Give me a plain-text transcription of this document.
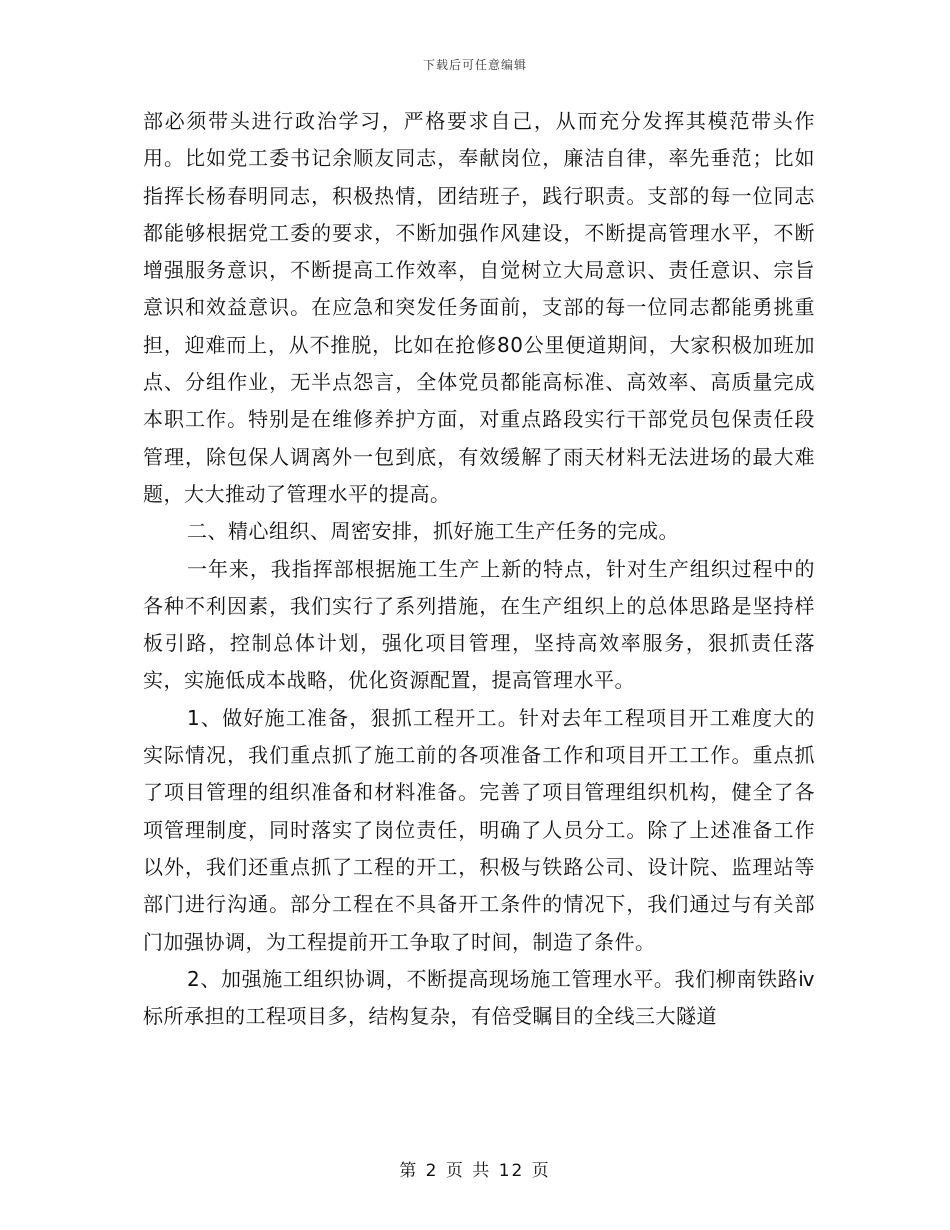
下载后可任意编辑

部必须带头进行政治学习，严格要求自己，从而充分发挥其模范带头作用。比如党工委书记余顺友同志，奉献岗位，廉洁自律，率先垂范；比如指挥长杨春明同志，积极热情，团结班子，践行职责。支部的每一位同志都能够根据党工委的要求，不断加强作风建设，不断提高管理水平，不断增强服务意识，不断提高工作效率，自觉树立大局意识、责任意识、宗旨意识和效益意识。在应急和突发任务面前，支部的每一位同志都能勇挑重担，迎难而上，从不推脱，比如在抢修80公里便道期间，大家积极加班加点、分组作业，无半点怨言，全体党员都能高标准、高效率、高质量完成本职工作。特别是在维修养护方面，对重点路段实行干部党员包保责任段管理，除包保人调离外一包到底，有效缓解了雨天材料无法进场的最大难题，大大推动了管理水平的提高。

二、精心组织、周密安排，抓好施工生产任务的完成。

一年来，我指挥部根据施工生产上新的特点，针对生产组织过程中的各种不利因素，我们实行了系列措施，在生产组织上的总体思路是坚持样板引路，控制总体计划，强化项目管理，坚持高效率服务，狠抓责任落实，实施低成本战略，优化资源配置，提高管理水平。

1、做好施工准备，狠抓工程开工。针对去年工程项目开工难度大的实际情况，我们重点抓了施工前的各项准备工作和项目开工工作。重点抓了项目管理的组织准备和材料准备。完善了项目管理组织机构，健全了各项管理制度，同时落实了岗位责任，明确了人员分工。除了上述准备工作以外，我们还重点抓了工程的开工，积极与铁路公司、设计院、监理站等部门进行沟通。部分工程在不具备开工条件的情况下，我们通过与有关部门加强协调，为工程提前开工争取了时间，制造了条件。

2、加强施工组织协调，不断提高现场施工管理水平。我们柳南铁路ⅳ标所承担的工程项目多，结构复杂，有倍受瞩目的全线三大隧道

第 2 页 共 12 页
